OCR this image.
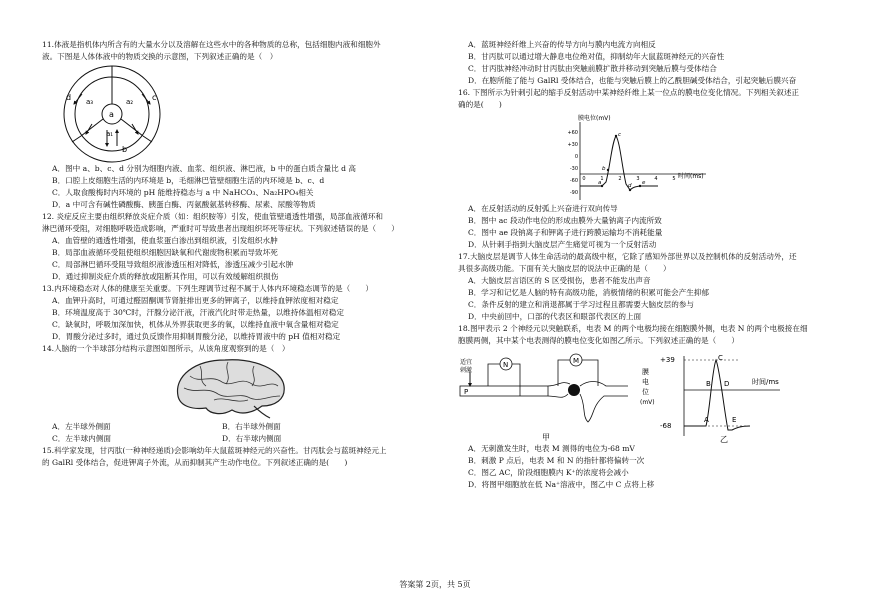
11.体液是指机体内所含有的大量水分以及溶解在这些水中的各种物质的总称，包括细胞内液和细胞外
液。下图是人体体液中的物质交换的示意图，下列叙述正确的是（　）
a
a₁
a₂
a₃
b
c
d
A．图中 a、b、c、d 分别为细胞内液、血浆、组织液、淋巴液，b 中的蛋白质含量比 d 高
B．口腔上皮细胞生活的内环境是 b，毛细淋巴管壁细胞生活的内环境是 b、c、d
C．人取食酸梅时内环境的 pH 能维持稳态与 a 中 NaHCO₃、Na₂HPO₄相关
D．a 中可含有碱性磷酸酶、胰蛋白酶、丙氨酸氨基转移酶、尿素、尿酸等物质
12. 炎症反应主要由组织释放炎症介质（如：组织胺等）引发，使血管壁通透性增强，局部血液循环和
淋巴循环受阻，对细胞呼吸造成影响，严重时可导致患者出现组织坏死等症状。下列叙述错误的是（　　）
A．血管壁的通透性增强，使血浆蛋白渗出到组织液，引发组织水肿
B．局部血液循环受阻使组织细胞因缺氧和代谢废物积累而导致坏死
C．局部淋巴循环受阻导致组织液渗透压相对降低，渗透压减少引起水肿
D．通过抑制炎症介质的释放或阻断其作用，可以有效缓解组织损伤
13.内环境稳态对人体的健康至关重要。下列生理调节过程不属于人体内环境稳态调节的是（　　）
A．血钾升高时，可通过醛固酮调节肾脏排出更多的钾离子，以维持血钾浓度相对稳定
B．环境温度高于 30℃时，汗腺分泌汗液，汗液汽化时带走热量，以维持体温相对稳定
C．缺氧时，呼吸加深加快，机体从外界获取更多的氧，以维持血液中氧含量相对稳定
D．胃酸分泌过多时，通过负反馈作用抑制胃酸分泌，以维持胃液中的 pH 值相对稳定
14.人脑的一个半球部分结构示意图如图所示，从该角度观察到的是（　）
A．左半球外侧面	B．右半球外侧面
C．左半球内侧面	D．右半球内侧面
15.科学家发现，甘丙肽(一种神经递质)会影响幼年大鼠蓝斑神经元的兴奋性。甘丙肽会与蓝斑神经元上
的 GalRl 受体结合，促进钾离子外流，从而抑制其产生动作电位。下列叙述正确的是(　　)
A．蓝斑神经纤维上兴奋的传导方向与膜内电流方向相反
B．甘丙肽可以通过增大静息电位绝对值，抑制幼年大鼠蓝斑神经元的兴奋性
C．甘丙肽神经冲动时甘丙肽由突触前膜扩散并移动到突触后膜与受体结合
D．在胞所能了能与 GalRl 受体结合，也能与突触后膜上的乙酰胆碱受体结合，引起突触后膜兴奋
16. 下图所示为针刺引起的缩手反射活动中某神经纤维上某一位点的膜电位变化情况。下列相关叙述正
确的是(　　)
膜电位(mV)
+60
+30
0
-30
-60
-90
0	1	2	3	4	5 时间(ms)
a
b
c
d e
A．在反射活动的反射弧上兴奋进行双向传导
B．图中 ac 段动作电位的形成由膜外大量钠离子内流所致
C．图中 ae 段钠离子和钾离子进行跨膜运输均不消耗能量
D．从针刺手指到大脑皮层产生痛觉可视为一个反射活动
17.大脑皮层是调节人体生命活动的最高级中枢，它除了感知外部世界以及控制机体的反射活动外，还
具很多高级功能。下面有关大脑皮层的说法中正确的是（　　）
A．大脑皮层言语区的 S 区受损伤，患者不能发出声音
B．学习和记忆是人脑的特有高级功能，消极情绪的积累可能会产生抑郁
C．条件反射的建立和消退都属于学习过程且都需要大脑皮层的参与
D．中央前回中，口部的代表区和眼部代表区的上面
18.图甲表示 2 个神经元以突触联系，电表 M 的两个电极均接在细胞膜外侧，电表 N 的两个电极接在细
胞膜两侧，其中某个电表测得的膜电位变化如图乙所示。下列叙述正确的是（　　）
适宜
刺激
P
N	M
甲
膜
电
位
(mV)
+39
-68
时间/ms
A
B
C
D
E
乙
A．无刺激发生时，电表 M 测得的电位为-68 mV
B．刺激 P 点后，电表 M 和 N 的指针都将偏转一次
C．图乙 AC，阶段细胞膜内 K⁺的浓度将会减小
D．将图甲细胞放在低 Na⁺溶液中，图乙中 C 点将上移
答案第 2页，共 5页
